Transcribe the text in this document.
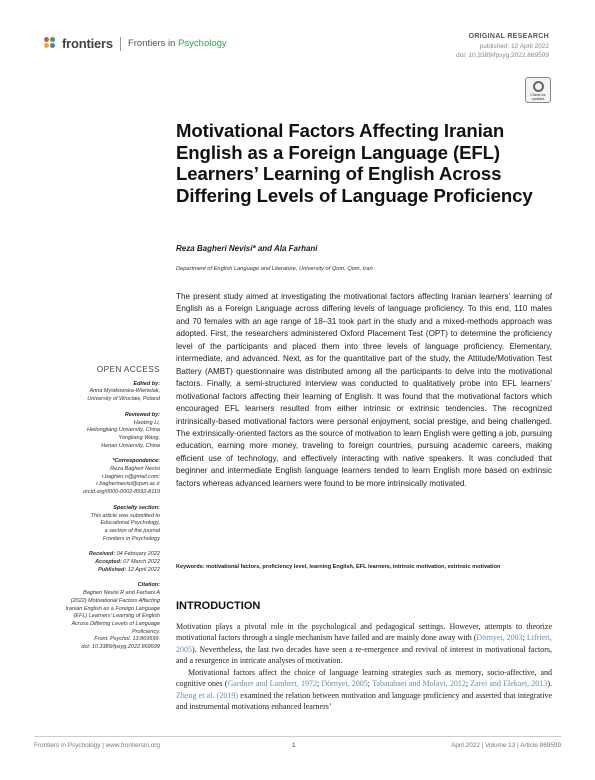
frontiers Frontiers in Psychology
ORIGINAL RESEARCH
published: 12 April 2022
doi: 10.3389/fpsyg.2022.869599
Check for
updates
Motivational Factors Affecting Iranian English as a Foreign Language (EFL) Learners’ Learning of English Across Differing Levels of Language Proficiency
Reza Bagheri Nevisi* and Ala Farhani
Department of English Language and Literature, University of Qom, Qom, Iran
The present study aimed at investigating the motivational factors affecting Iranian learners’ learning of English as a Foreign Language across differing levels of language proficiency. To this end, 110 males and 70 females with an age range of 18–31 took part in the study and a mixed-methods approach was adopted. First, the researchers administered Oxford Placement Test (OPT) to determine the proficiency level of the participants and placed them into three levels of language proficiency. Elementary, intermediate, and advanced. Next, as for the quantitative part of the study, the Attitude/Motivation Test Battery (AMBT) questionnaire was distributed among all the participants to delve into the motivational factors. Finally, a semi-structured interview was conducted to qualitatively probe into EFL learners’ motivational factors affecting their learning of English. It was found that the motivational factors which encouraged EFL learners resulted from either intrinsic or extrinsic tendencies. The recognized intrinsically-based motivational factors were personal enjoyment, social prestige, and being challenged. The extrinsically-oriented factors as the source of motivation to learn English were getting a job, pursuing education, earning more money, traveling to foreign countries, pursuing academic careers, making efficient use of technology, and effectively interacting with native speakers. It was concluded that beginner and intermediate English language learners tended to learn English more based on extrinsic factors whereas advanced learners were found to be more intrinsically motivated.
Keywords: motivational factors, proficiency level, learning English, EFL learners, intrinsic motivation, extrinsic motivation
OPEN ACCESS
Edited by:
Anna Mystkowska-Wiertelak,
University of Wroclaw, Poland
Reviewed by:
Haoting Li,
Heilongjiang University, China
Yongliang Wang,
Henan University, China
*Correspondence:
Reza Bagheri Nevisi
r.bagheri.n@gmail.com;
r.bagherinevisi@qom.ac.ir
orcid.org/0000-0002-8592-8119
Specialty section:
This article was submitted to
Educational Psychology,
a section of the journal
Frontiers in Psychology
Received: 04 February 2022
Accepted: 07 March 2022
Published: 12 April 2022
Citation:
Bagheri Nevisi R and Farhani A
(2022) Motivational Factors Affecting
Iranian English as a Foreign Language
(EFL) Learners’ Learning of English
Across Differing Levels of Language
Proficiency.
Front. Psychol. 13:869599.
doi: 10.3389/fpsyg.2022.869599
INTRODUCTION

Motivation plays a pivotal role in the psychological and pedagogical settings. However, attempts to theorize motivational factors through a single mechanism have failed and are mainly done away with (Dörnyei, 2003; Lifrieri, 2005). Nevertheless, the last two decades have seen a re-emergence and revival of interest in motivational factors, and a resurgence in intricate analyses of motivation.

Motivational factors affect the choice of language learning strategies such as memory, socio-affective, and cognitive ones (Gardner and Lambert, 1972; Dörnyei, 2005; Tabatabaei and Molavi, 2012; Zarei and Elekaei, 2013). Zheng et al. (2019) examined the relation between motivation and language proficiency and asserted that integrative and instrumental motivations enhanced learners’

Frontiers in Psychology | www.frontiersin.org	1	April 2022 | Volume 13 | Article 869599
